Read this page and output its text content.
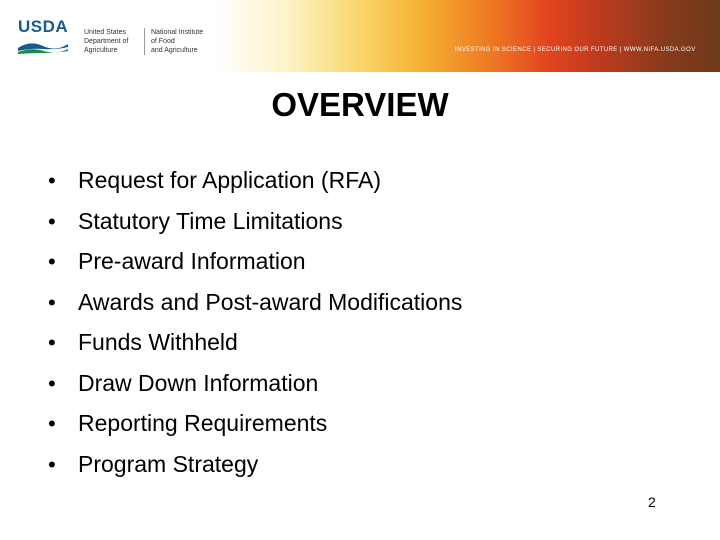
USDA United States
Department of
Agriculture
National Institute
of Food
and Agriculture	INVESTING IN SCIENCE | SECURING OUR FUTURE | WWW.NIFA.USDA.GOV
OVERVIEW
• Request for Application (RFA)
• Statutory Time Limitations
• Pre-award Information
• Awards and Post-award Modifications
• Funds Withheld
• Draw Down Information
• Reporting Requirements
• Program Strategy
2
